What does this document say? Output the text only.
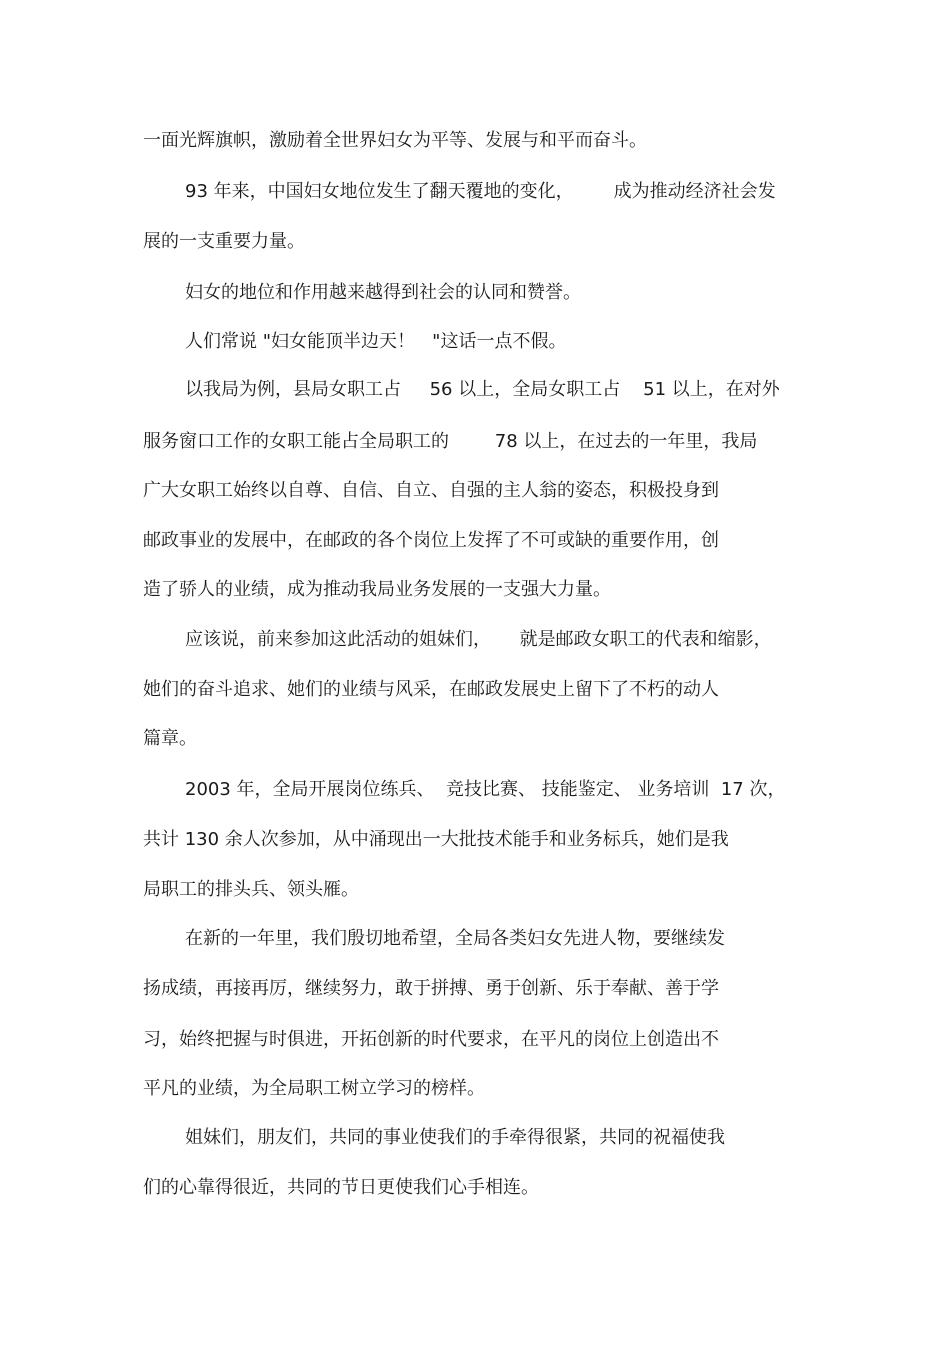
一面光辉旗帜，激励着全世界妇女为平等、发展与和平而奋斗。

93 年来，中国妇女地位发生了翻天覆地的变化，       成为推动经济社会发

展的一支重要力量。

妇女的地位和作用越来越得到社会的认同和赞誉。

人们常说 "妇女能顶半边天！   "这话一点不假。

以我局为例，县局女职工占     56 以上，全局女职工占    51 以上，在对外

服务窗口工作的女职工能占全局职工的        78 以上，在过去的一年里，我局

广大女职工始终以自尊、自信、自立、自强的主人翁的姿态，积极投身到

邮政事业的发展中，在邮政的各个岗位上发挥了不可或缺的重要作用，创

造了骄人的业绩，成为推动我局业务发展的一支强大力量。

应该说，前来参加这此活动的姐妹们，     就是邮政女职工的代表和缩影，

她们的奋斗追求、她们的业绩与风采，在邮政发展史上留下了不朽的动人

篇章。

2003 年，全局开展岗位练兵、  竞技比赛、 技能鉴定、 业务培训  17 次，

共计 130 余人次参加，从中涌现出一大批技术能手和业务标兵，她们是我

局职工的排头兵、领头雁。

在新的一年里，我们殷切地希望，全局各类妇女先进人物，要继续发

扬成绩，再接再厉，继续努力，敢于拼搏、勇于创新、乐于奉献、善于学

习，始终把握与时俱进，开拓创新的时代要求，在平凡的岗位上创造出不

平凡的业绩，为全局职工树立学习的榜样。

姐妹们，朋友们，共同的事业使我们的手牵得很紧，共同的祝福使我

们的心靠得很近，共同的节日更使我们心手相连。
